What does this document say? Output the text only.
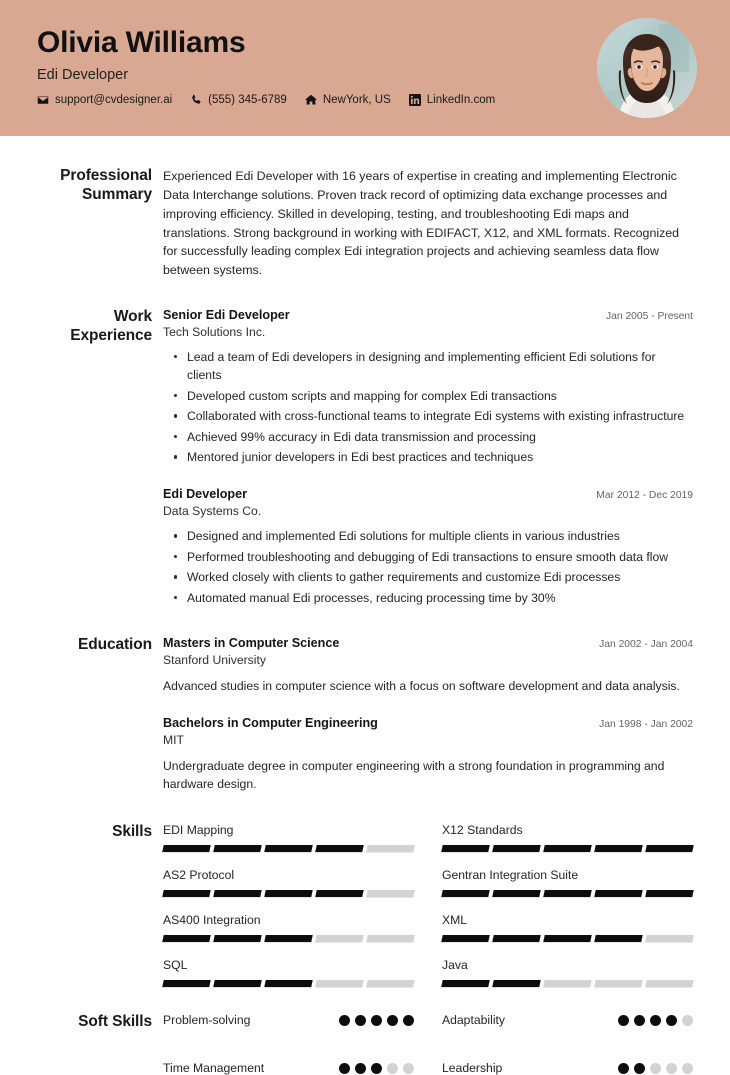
Olivia Williams
Edi Developer
support@cvdesigner.ai	(555) 345-6789	NewYork, US	LinkedIn.com
Professional Summary
Experienced Edi Developer with 16 years of expertise in creating and implementing Electronic Data Interchange solutions. Proven track record of optimizing data exchange processes and improving efficiency. Skilled in developing, testing, and troubleshooting Edi maps and translations. Strong background in working with EDIFACT, X12, and XML formats. Recognized for successfully leading complex Edi integration projects and achieving seamless data flow between systems.
Work Experience
Senior Edi Developer	Jan 2005 - Present
Tech Solutions Inc.
Lead a team of Edi developers in designing and implementing efficient Edi solutions for clients
Developed custom scripts and mapping for complex Edi transactions
Collaborated with cross-functional teams to integrate Edi systems with existing infrastructure
Achieved 99% accuracy in Edi data transmission and processing
Mentored junior developers in Edi best practices and techniques
Edi Developer	Mar 2012 - Dec 2019
Data Systems Co.
Designed and implemented Edi solutions for multiple clients in various industries
Performed troubleshooting and debugging of Edi transactions to ensure smooth data flow
Worked closely with clients to gather requirements and customize Edi processes
Automated manual Edi processes, reducing processing time by 30%
Education Masters in Computer Science	Jan 2002 - Jan 2004
Stanford University
Advanced studies in computer science with a focus on software development and data analysis.
Bachelors in Computer Engineering	Jan 1998 - Jan 2002
MIT
Undergraduate degree in computer engineering with a strong foundation in programming and hardware design.
Skills EDI Mapping	X12 Standards
AS2 Protocol	Gentran Integration Suite
AS400 Integration	XML
SQL	Java
Soft Skills Problem-solving	Adaptability
Time Management	Leadership
